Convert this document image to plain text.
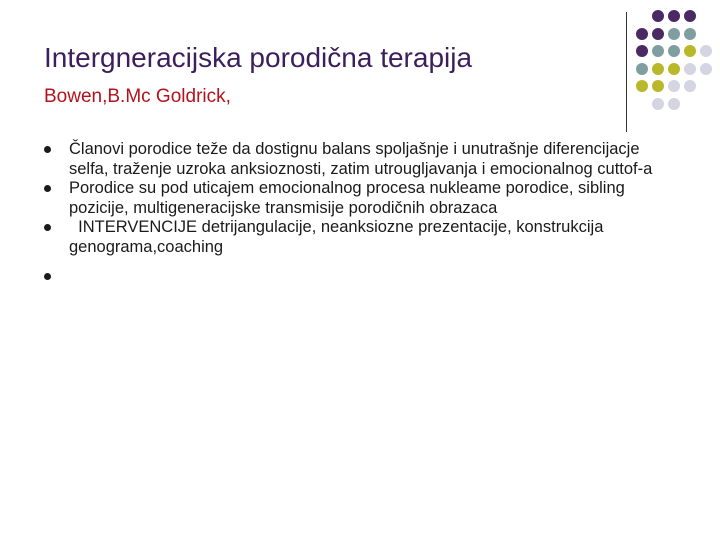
Intergneracijska porodična terapija
Bowen,B.Mc Goldrick,
Članovi porodice teže da dostignu balans spoljašnje i unutrašnje diferencijacje selfa, traženje uzroka anksioznosti, zatim utrougljavanja i emocionalnog cuttof-a
Porodice su pod uticajem emocionalnog procesa nukleame porodice, sibling pozicije, multigeneracijske transmisije porodičnih obrazaca
INTERVENCIJE detrijangulacije, neanksiozne prezentacije, konstrukcija genograma,coaching
